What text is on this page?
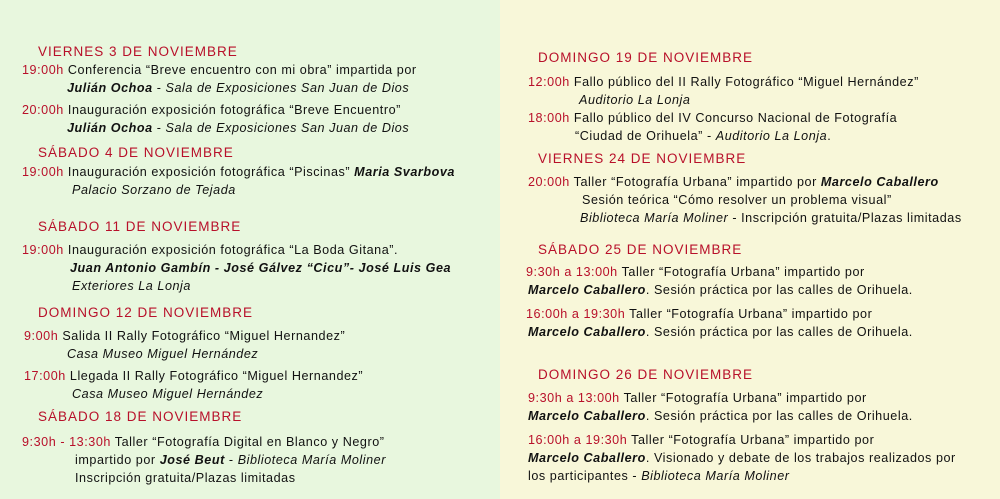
VIERNES 3 DE NOVIEMBRE
19:00h Conferencia “Breve encuentro con mi obra” impartida por
Julián Ochoa - Sala de Exposiciones San Juan de Dios
20:00h Inauguración exposición fotográfica “Breve Encuentro”
Julián Ochoa - Sala de Exposiciones San Juan de Dios
SÁBADO 4 DE NOVIEMBRE
19:00h Inauguración exposición fotográfica “Piscinas” Maria Svarbova
Palacio Sorzano de Tejada
SÁBADO 11 DE NOVIEMBRE
19:00h Inauguración exposición fotográfica “La Boda Gitana”.
Juan Antonio Gambín - José Gálvez “Cicu”- José Luis Gea
Exteriores La Lonja
DOMINGO 12 DE NOVIEMBRE
9:00h Salida II Rally Fotográfico “Miguel Hernandez”
Casa Museo Miguel Hernández
17:00h Llegada II Rally Fotográfico “Miguel Hernandez”
Casa Museo Miguel Hernández
SÁBADO 18 DE NOVIEMBRE
9:30h - 13:30h Taller “Fotografía Digital en Blanco y Negro”
impartido por José Beut - Biblioteca María Moliner
Inscripción gratuita/Plazas limitadas
DOMINGO 19 DE NOVIEMBRE
12:00h Fallo público del II Rally Fotográfico “Miguel Hernández”
Auditorio La Lonja
18:00h Fallo público del IV Concurso Nacional de Fotografía
“Ciudad de Orihuela” - Auditorio La Lonja.
VIERNES 24 DE NOVIEMBRE
20:00h Taller “Fotografía Urbana” impartido por Marcelo Caballero
Sesión teórica “Cómo resolver un problema visual”
Biblioteca María Moliner - Inscripción gratuita/Plazas limitadas
SÁBADO 25 DE NOVIEMBRE
9:30h a 13:00h Taller “Fotografía Urbana” impartido por
Marcelo Caballero. Sesión práctica por las calles de Orihuela.
16:00h a 19:30h Taller “Fotografía Urbana” impartido por
Marcelo Caballero. Sesión práctica por las calles de Orihuela.
DOMINGO 26 DE NOVIEMBRE
9:30h a 13:00h Taller “Fotografía Urbana” impartido por
Marcelo Caballero. Sesión práctica por las calles de Orihuela.
16:00h a 19:30h Taller “Fotografía Urbana” impartido por
Marcelo Caballero. Visionado y debate de los trabajos realizados por
los participantes - Biblioteca María Moliner
